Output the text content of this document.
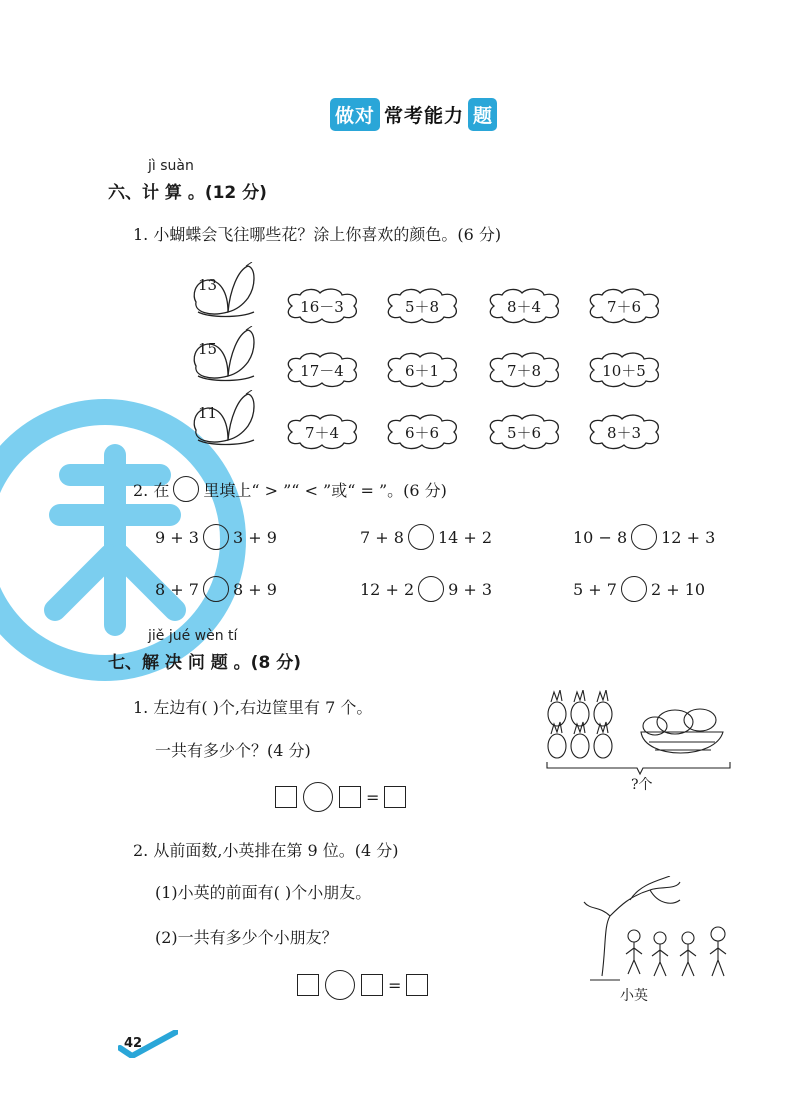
做对 常考能力 题
jì suàn
六、计 算 。(12 分)
1. 小蝴蝶会飞往哪些花？涂上你喜欢的颜色。(6 分)
13
16－3	5＋8	8＋4	7＋6
15
17－4	6＋1	7＋8	10＋5
11
7＋4	6＋6	5＋6	8＋3
2. 在 里填上“ > ”“ < ”或“ = ”。(6 分)
9 + 3 3 + 9	7 + 8 14 + 2	10 − 8 12 + 3
8 + 7 8 + 9	12 + 2 9 + 3	5 + 7 2 + 10
jiě jué wèn tí
七、解 决 问 题 。(8 分)
1. 左边有( )个,右边筐里有 7 个。
一共有多少个？(4 分)
=
?个
2. 从前面数,小英排在第 9 位。(4 分)
(1)小英的前面有( )个小朋友。
(2)一共有多少个小朋友？
=
小英
42
